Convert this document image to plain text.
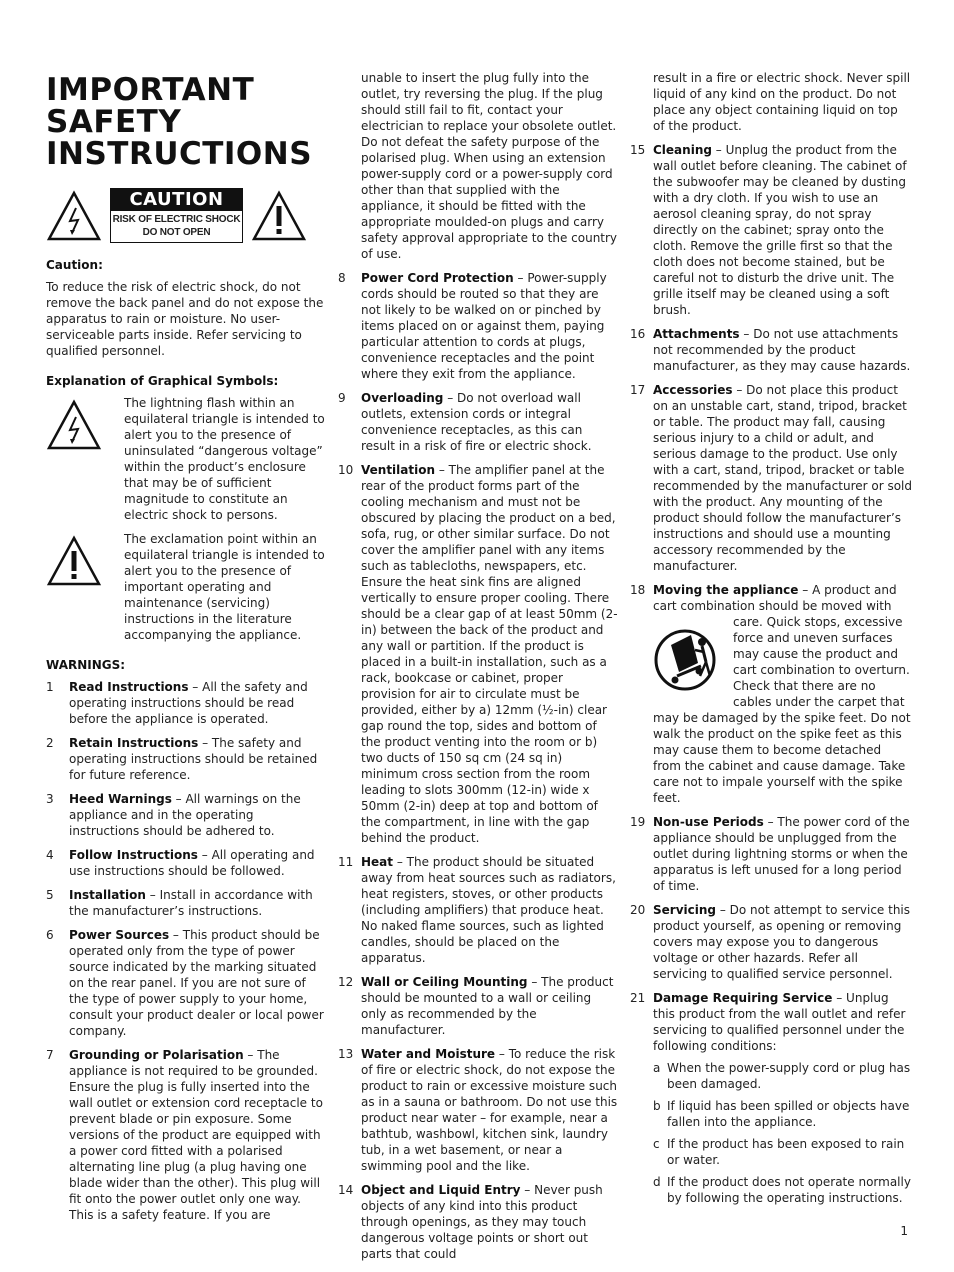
IMPORTANT
SAFETY
INSTRUCTIONS
CAUTION
RISK OF ELECTRIC SHOCK
DO NOT OPEN
Caution:

To reduce the risk of electric shock, do not remove the back panel and do not expose the apparatus to rain or moisture. No user-serviceable parts inside. Refer servicing to qualified personnel.

Explanation of Graphical Symbols:
The lightning flash within an equilateral triangle is intended to alert you to the presence of uninsulated “dangerous voltage” within the product’s enclosure that may be of sufficient magnitude to constitute an electric shock to persons.
The exclamation point within an equilateral triangle is intended to alert you to the presence of important operating and maintenance (servicing) instructions in the literature accompanying the appliance.
WARNINGS:
1	Read Instructions – All the safety and operating instructions should be read before the appliance is operated.
2	Retain Instructions – The safety and operating instructions should be retained for future reference.
3	Heed Warnings – All warnings on the appliance and in the operating instructions should be adhered to.
4	Follow Instructions – All operating and use instructions should be followed.
5	Installation – Install in accordance with the manufacturer’s instructions.
6	Power Sources – This product should be operated only from the type of power source indicated by the marking situated on the rear panel. If you are not sure of the type of power supply to your home, consult your product dealer or local power company.
7	Grounding or Polarisation – The appliance is not required to be grounded. Ensure the plug is fully inserted into the wall outlet or extension cord receptacle to prevent blade or pin exposure. Some versions of the product are equipped with a power cord fitted with a polarised alternating line plug (a plug having one blade wider than the other). This plug will fit onto the power outlet only one way. This is a safety feature. If you are
unable to insert the plug fully into the outlet, try reversing the plug. If the plug should still fail to fit, contact your electrician to replace your obsolete outlet. Do not defeat the safety purpose of the polarised plug. When using an extension power-supply cord or a power-supply cord other than that supplied with the appliance, it should be fitted with the appropriate moulded-on plugs and carry safety approval appropriate to the country of use.
8	Power Cord Protection – Power-supply cords should be routed so that they are not likely to be walked on or pinched by items placed on or against them, paying particular attention to cords at plugs, convenience receptacles and the point where they exit from the appliance.
9	Overloading – Do not overload wall outlets, extension cords or integral convenience receptacles, as this can result in a risk of fire or electric shock.
10 Ventilation – The amplifier panel at the rear of the product forms part of the cooling mechanism and must not be obscured by placing the product on a bed, sofa, rug, or other similar surface. Do not cover the amplifier panel with any items such as tablecloths, newspapers, etc. Ensure the heat sink fins are aligned vertically to ensure proper cooling. There should be a clear gap of at least 50mm (2-in) between the back of the product and any wall or partition. If the product is placed in a built-in installation, such as a rack, bookcase or cabinet, proper provision for air to circulate must be provided, either by a) 12mm (½-in) clear gap round the top, sides and bottom of the product venting into the room or b) two ducts of 150 sq cm (24 sq in) minimum cross section from the room leading to slots 300mm (12-in) wide x 50mm (2-in) deep at top and bottom of the compartment, in line with the gap behind the product.
11 Heat – The product should be situated away from heat sources such as radiators, heat registers, stoves, or other products (including amplifiers) that produce heat. No naked flame sources, such as lighted candles, should be placed on the apparatus.
12 Wall or Ceiling Mounting – The product should be mounted to a wall or ceiling only as recommended by the manufacturer.
13 Water and Moisture – To reduce the risk of fire or electric shock, do not expose the product to rain or excessive moisture such as in a sauna or bathroom. Do not use this product near water – for example, near a bathtub, washbowl, kitchen sink, laundry tub, in a wet basement, or near a swimming pool and the like.
14 Object and Liquid Entry – Never push objects of any kind into this product through openings, as they may touch dangerous voltage points or short out parts that could
result in a fire or electric shock. Never spill liquid of any kind on the product. Do not place any object containing liquid on top of the product.
15 Cleaning – Unplug the product from the wall outlet before cleaning. The cabinet of the subwoofer may be cleaned by dusting with a dry cloth. If you wish to use an aerosol cleaning spray, do not spray directly on the cabinet; spray onto the cloth. Remove the grille first so that the cloth does not become stained, but be careful not to disturb the drive unit. The grille itself may be cleaned using a soft brush.
16 Attachments – Do not use attachments not recommended by the product manufacturer, as they may cause hazards.
17 Accessories – Do not place this product on an unstable cart, stand, tripod, bracket or table. The product may fall, causing serious injury to a child or adult, and serious damage to the product. Use only with a cart, stand, tripod, bracket or table recommended by the manufacturer or sold with the product. Any mounting of the product should follow the manufacturer’s instructions and should use a mounting accessory recommended by the manufacturer.
18 Moving the appliance – A product and cart combination should be moved with
care. Quick stops, excessive force and uneven surfaces may cause the product and cart combination to overturn. Check that there are no cables under the carpet that may be damaged by the spike feet. Do not walk the product on the spike feet as this may cause them to become detached from the cabinet and cause damage. Take care not to impale yourself with the spike feet.
19 Non-use Periods – The power cord of the appliance should be unplugged from the outlet during lightning storms or when the apparatus is left unused for a long period of time.
20 Servicing – Do not attempt to service this product yourself, as opening or removing covers may expose you to dangerous voltage or other hazards. Refer all servicing to qualified service personnel.
21 Damage Requiring Service – Unplug this product from the wall outlet and refer servicing to qualified personnel under the following conditions:
a When the power-supply cord or plug has been damaged.
b If liquid has been spilled or objects have fallen into the appliance.
c If the product has been exposed to rain or water.
d If the product does not operate normally by following the operating instructions.
1
